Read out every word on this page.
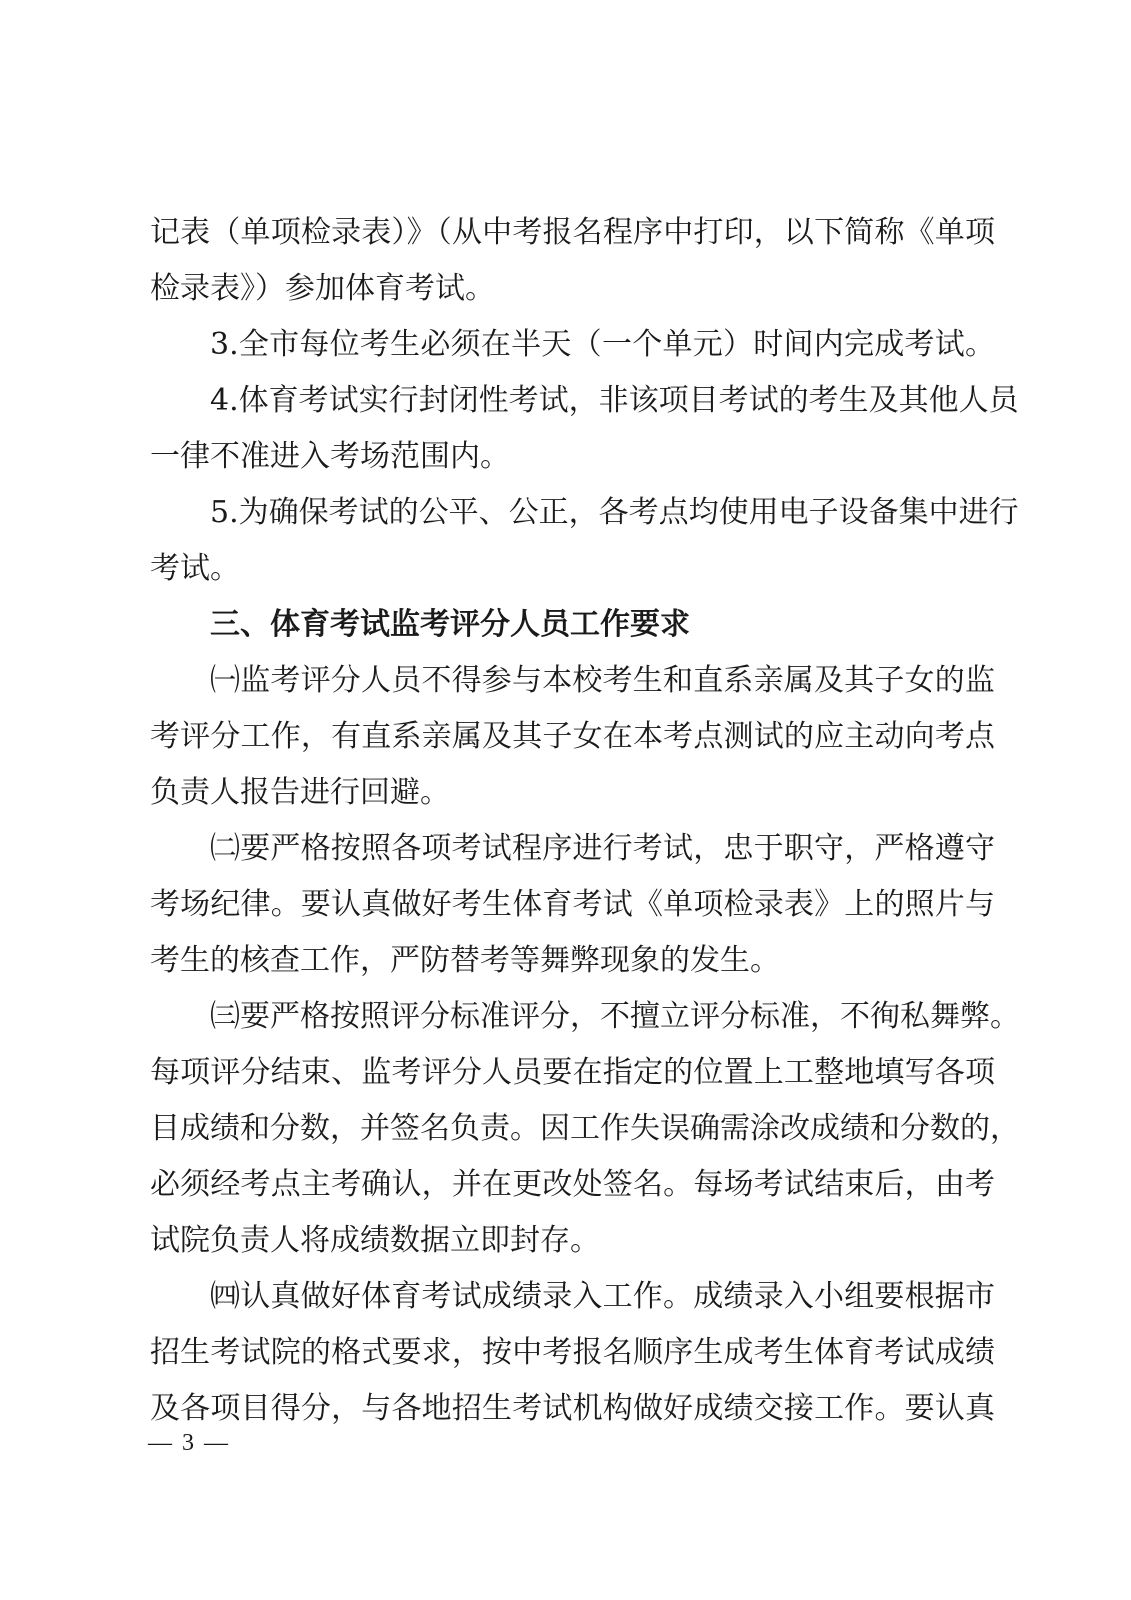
记表（单项检录表）》（从中考报名程序中打印，以下简称《单项
检录表》）参加体育考试。
3.全市每位考生必须在半天（一个单元）时间内完成考试。
4.体育考试实行封闭性考试，非该项目考试的考生及其他人员
一律不准进入考场范围内。
5.为确保考试的公平、公正，各考点均使用电子设备集中进行
考试。
三、体育考试监考评分人员工作要求
㈠监考评分人员不得参与本校考生和直系亲属及其子女的监
考评分工作，有直系亲属及其子女在本考点测试的应主动向考点
负责人报告进行回避。
㈡要严格按照各项考试程序进行考试，忠于职守，严格遵守
考场纪律。要认真做好考生体育考试《单项检录表》上的照片与
考生的核查工作，严防替考等舞弊现象的发生。
㈢要严格按照评分标准评分，不擅立评分标准，不徇私舞弊。
每项评分结束、监考评分人员要在指定的位置上工整地填写各项
目成绩和分数，并签名负责。因工作失误确需涂改成绩和分数的，
必须经考点主考确认，并在更改处签名。每场考试结束后，由考
试院负责人将成绩数据立即封存。
㈣认真做好体育考试成绩录入工作。成绩录入小组要根据市
招生考试院的格式要求，按中考报名顺序生成考生体育考试成绩
及各项目得分，与各地招生考试机构做好成绩交接工作。要认真
— 3 —
